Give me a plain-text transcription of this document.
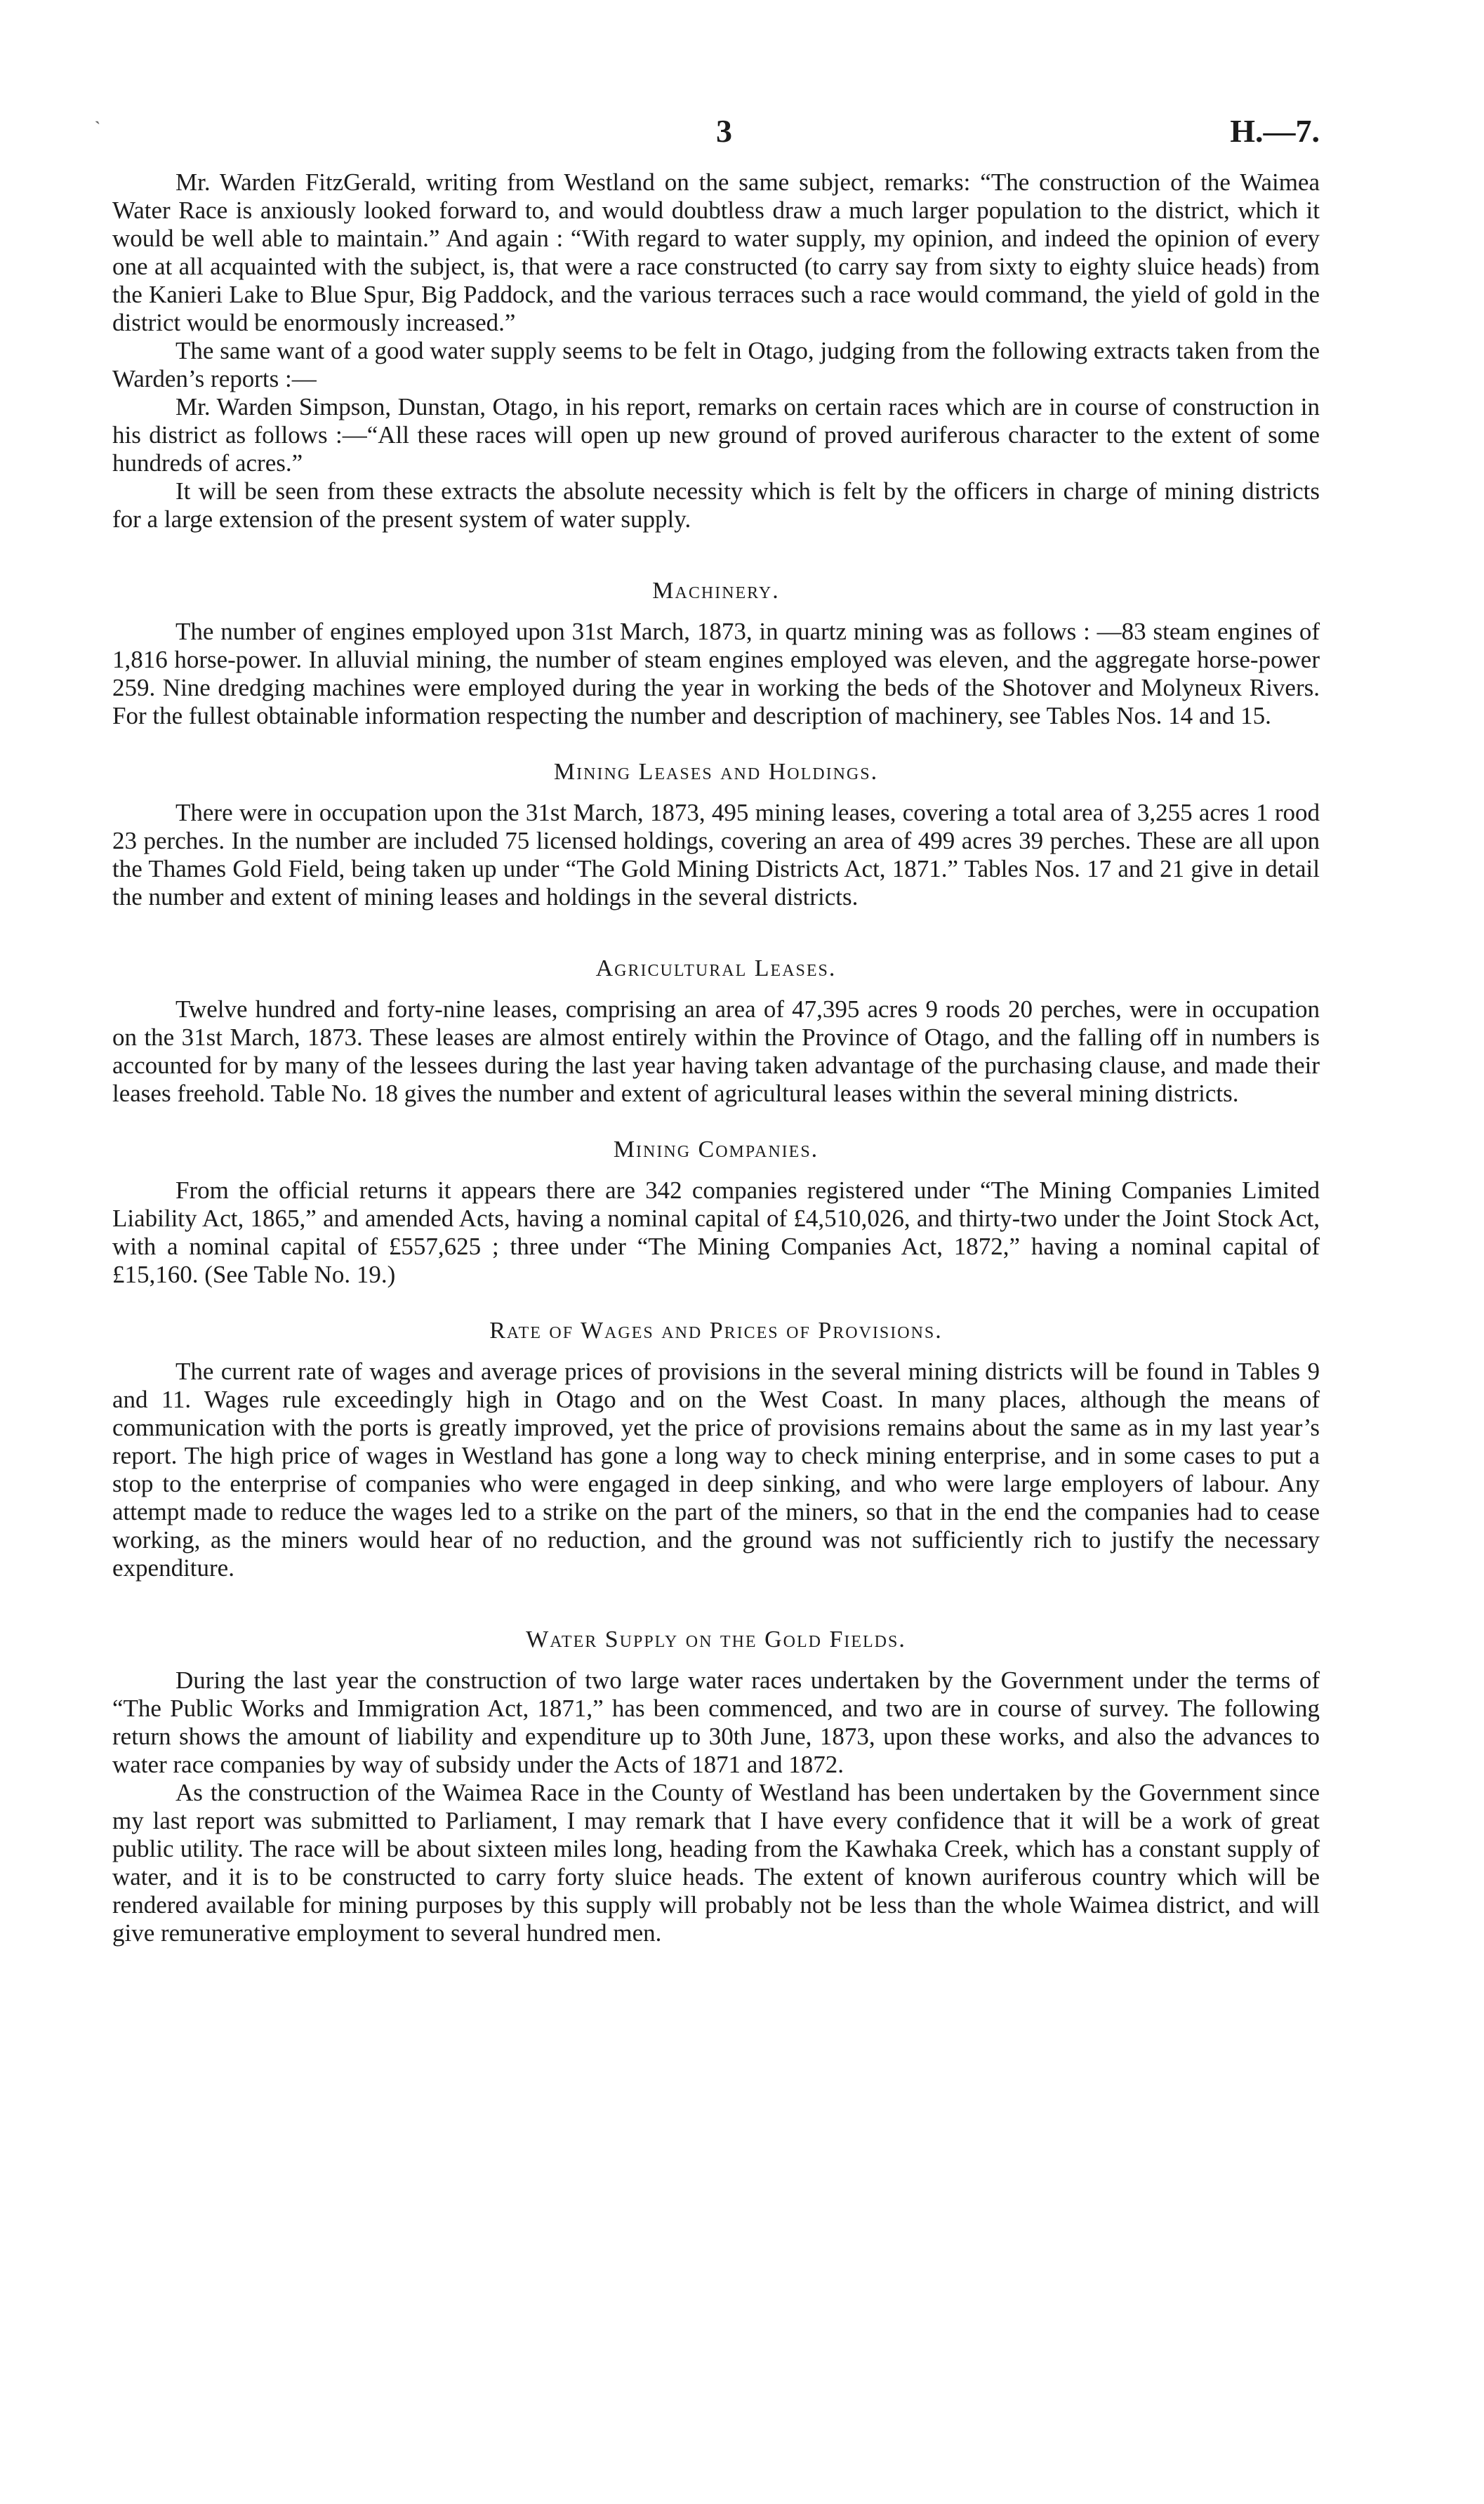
`	3	H.—7.

Mr. Warden FitzGerald, writing from Westland on the same subject, remarks: “The construction of the Waimea Water Race is anxiously looked forward to, and would doubtless draw a much larger population to the district, which it would be well able to maintain.” And again : “With regard to water supply, my opinion, and indeed the opinion of every one at all acquainted with the subject, is, that were a race constructed (to carry say from sixty to eighty sluice heads) from the Kanieri Lake to Blue Spur, Big Paddock, and the various terraces such a race would command, the yield of gold in the district would be enormously increased.”

The same want of a good water supply seems to be felt in Otago, judging from the following extracts taken from the Warden’s reports :—

Mr. Warden Simpson, Dunstan, Otago, in his report, remarks on certain races which are in course of construction in his district as follows :—“All these races will open up new ground of proved auriferous character to the extent of some hundreds of acres.”

It will be seen from these extracts the absolute necessity which is felt by the officers in charge of mining districts for a large extension of the present system of water supply.

Machinery.

The number of engines employed upon 31st March, 1873, in quartz mining was as follows : —83 steam engines of 1,816 horse-power. In alluvial mining, the number of steam engines employed was eleven, and the aggregate horse-power 259. Nine dredging machines were employed during the year in working the beds of the Shotover and Molyneux Rivers. For the fullest obtainable information respecting the number and description of machinery, see Tables Nos. 14 and 15.

Mining Leases and Holdings.

There were in occupation upon the 31st March, 1873, 495 mining leases, covering a total area of 3,255 acres 1 rood 23 perches. In the number are included 75 licensed holdings, covering an area of 499 acres 39 perches. These are all upon the Thames Gold Field, being taken up under “The Gold Mining Districts Act, 1871.” Tables Nos. 17 and 21 give in detail the number and extent of mining leases and holdings in the several districts.

Agricultural Leases.

Twelve hundred and forty-nine leases, comprising an area of 47,395 acres 9 roods 20 perches, were in occupation on the 31st March, 1873. These leases are almost entirely within the Province of Otago, and the falling off in numbers is accounted for by many of the lessees during the last year having taken advantage of the purchasing clause, and made their leases freehold. Table No. 18 gives the number and extent of agricultural leases within the several mining districts.

Mining Companies.

From the official returns it appears there are 342 companies registered under “The Mining Companies Limited Liability Act, 1865,” and amended Acts, having a nominal capital of £4,510,026, and thirty-two under the Joint Stock Act, with a nominal capital of £557,625 ; three under “The Mining Companies Act, 1872,” having a nominal capital of £15,160. (See Table No. 19.)

Rate of Wages and Prices of Provisions.

The current rate of wages and average prices of provisions in the several mining districts will be found in Tables 9 and 11. Wages rule exceedingly high in Otago and on the West Coast. In many places, although the means of communication with the ports is greatly improved, yet the price of provisions remains about the same as in my last year’s report. The high price of wages in Westland has gone a long way to check mining enterprise, and in some cases to put a stop to the enterprise of companies who were engaged in deep sinking, and who were large employers of labour. Any attempt made to reduce the wages led to a strike on the part of the miners, so that in the end the companies had to cease working, as the miners would hear of no reduction, and the ground was not sufficiently rich to justify the necessary expenditure.

Water Supply on the Gold Fields.

During the last year the construction of two large water races undertaken by the Government under the terms of “The Public Works and Immigration Act, 1871,” has been commenced, and two are in course of survey. The following return shows the amount of liability and expenditure up to 30th June, 1873, upon these works, and also the advances to water race companies by way of subsidy under the Acts of 1871 and 1872.

As the construction of the Waimea Race in the County of Westland has been undertaken by the Government since my last report was submitted to Parliament, I may remark that I have every confidence that it will be a work of great public utility. The race will be about sixteen miles long, heading from the Kawhaka Creek, which has a constant supply of water, and it is to be constructed to carry forty sluice heads. The extent of known auriferous country which will be rendered available for mining purposes by this supply will probably not be less than the whole Waimea district, and will give remunerative employment to several hundred men.
